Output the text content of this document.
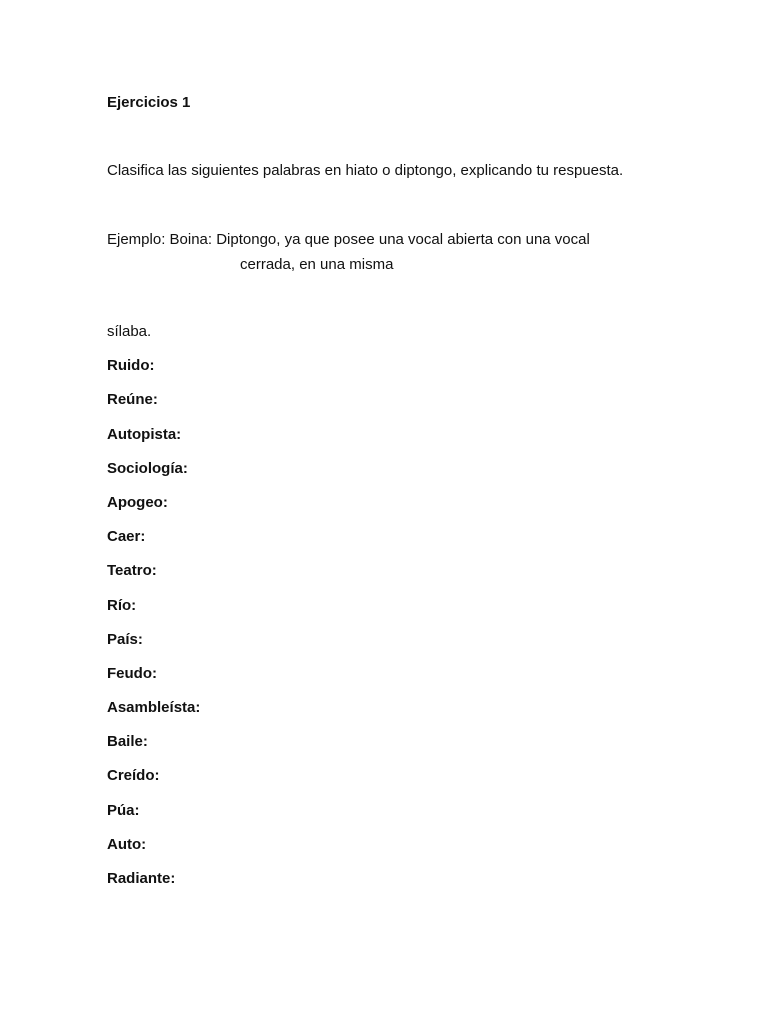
Ejercicios 1
Clasifica las siguientes palabras en hiato o diptongo, explicando tu respuesta.
Ejemplo: Boina: Diptongo, ya que posee una vocal abierta con una vocal
cerrada, en una misma
sílaba.
Ruido:
Reúne:
Autopista:
Sociología:
Apogeo:
Caer:
Teatro:
Río:
País:
Feudo:
Asambleísta:
Baile:
Creído:
Púa:
Auto:
Radiante:
